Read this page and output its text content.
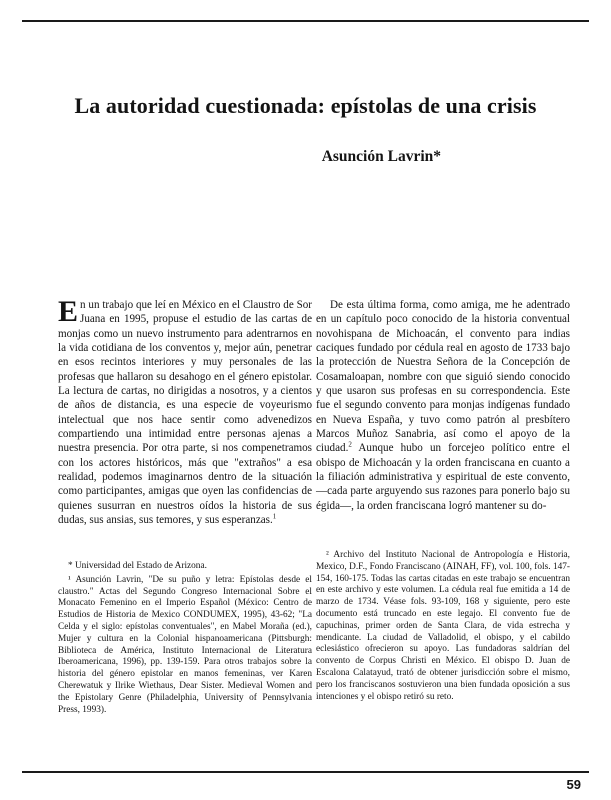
La autoridad cuestionada: epístolas de una crisis
Asunción Lavrin*

En un trabajo que leí en México en el Claustro de Sor Juana en 1995, propuse el estudio de las cartas de monjas como un nuevo instrumento para adentrarnos en la vida cotidiana de los conventos y, mejor aún, penetrar en esos recintos interiores y muy personales de las profesas que hallaron su desahogo en el género epistolar. La lectura de cartas, no dirigidas a nosotros, y a cientos de años de distancia, es una especie de voyeurismo intelectual que nos hace sentir como advenedizos compartiendo una intimidad entre personas ajenas a nuestra presencia. Por otra parte, si nos compenetramos con los actores históricos, más que "extraños" a esa realidad, podemos imaginarnos dentro de la situación como participantes, amigas que oyen las confidencias de quienes susurran en nuestros oídos la historia de sus dudas, sus ansias, sus temores, y sus esperanzas.$^1$

De esta última forma, como amiga, me he adentrado en un capítulo poco conocido de la historia conventual novohispana de Michoacán, el convento para indias caciques fundado por cédula real en agosto de 1733 bajo la protección de Nuestra Señora de la Concepción de Cosamaloapan, nombre con que siguió siendo conocido y que usaron sus profesas en su correspondencia. Este fue el segundo convento para monjas indígenas fundado en Nueva España, y tuvo como patrón al presbítero Marcos Muñoz Sanabria, así como el apoyo de la ciudad.$^2$ Aunque hubo un forcejeo político entre el obispo de Michoacán y la orden franciscana en cuanto a la filiación administrativa y espiritual de este convento, —cada parte arguyendo sus razones para ponerlo bajo su égida—, la orden franciscana logró mantener su do-

* Universidad del Estado de Arizona.

¹ Asunción Lavrin, "De su puño y letra: Epístolas desde el claustro." Actas del Segundo Congreso Internacional Sobre el Monacato Femenino en el Imperio Español (México: Centro de Estudios de Historia de Mexico CONDUMEX, 1995), 43-62; "La Celda y el siglo: epístolas conventuales", en Mabel Moraña (ed.), Mujer y cultura en la Colonial hispanoamericana (Pittsburgh: Biblioteca de América, Instituto Internacional de Literatura Iberoamericana, 1996), pp. 139-159. Para otros trabajos sobre la historia del género epistolar en manos femeninas, ver Karen Cherewatuk y Ilrike Wiethaus, Dear Sister. Medieval Women and the Epistolary Genre (Philadelphia, University of Pennsylvania Press, 1993).

² Archivo del Instituto Nacional de Antropología e Historia, Mexico, D.F., Fondo Franciscano (AINAH, FF), vol. 100, fols. 147-154, 160-175. Todas las cartas citadas en este trabajo se encuentran en este archivo y este volumen. La cédula real fue emitida a 14 de marzo de 1734. Véase fols. 93-109, 168 y siguiente, pero este documento está truncado en este legajo. El convento fue de capuchinas, primer orden de Santa Clara, de vida estrecha y mendicante. La ciudad de Valladolid, el obispo, y el cabildo eclesiástico ofrecieron su apoyo. Las fundadoras saldrían del convento de Corpus Christi en México. El obispo D. Juan de Escalona Calatayud, trató de obtener jurisdicción sobre el mismo, pero los franciscanos sostuvieron una bien fundada oposición a sus intenciones y el obispo retiró su reto.

59
